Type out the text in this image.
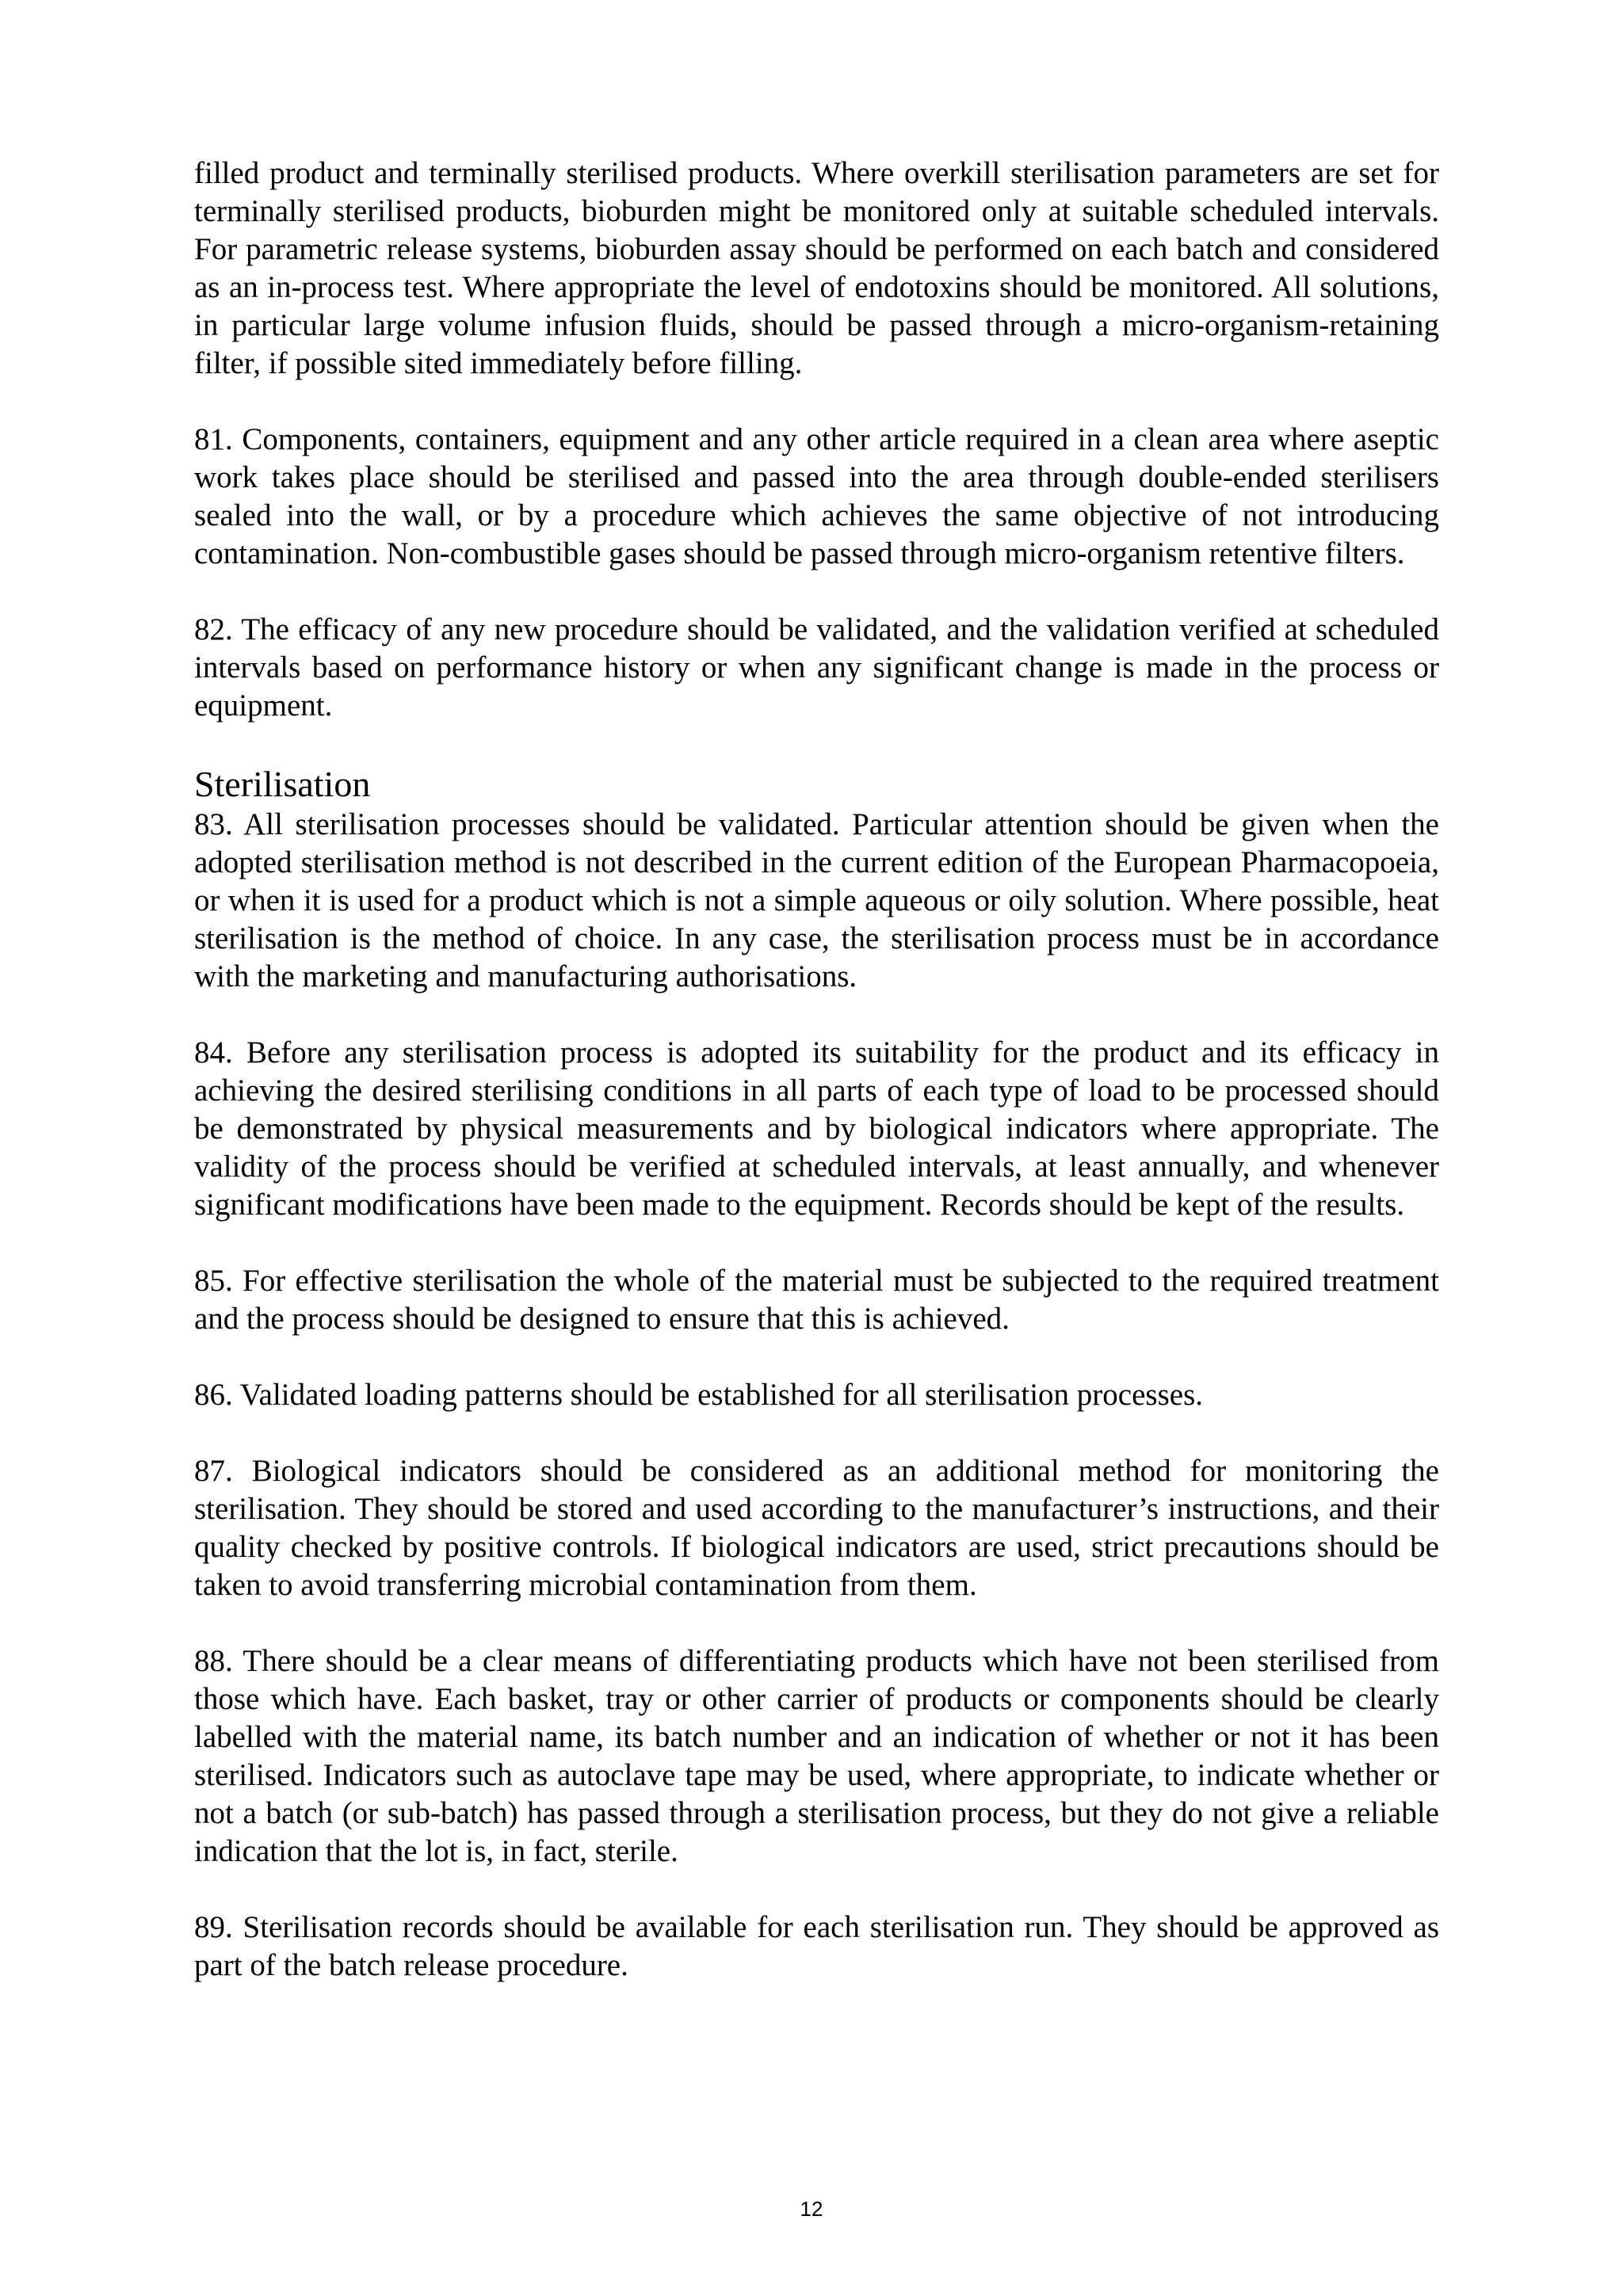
filled product and terminally sterilised products. Where overkill sterilisation parameters are set for terminally sterilised products, bioburden might be monitored only at suitable scheduled intervals. For parametric release systems, bioburden assay should be performed on each batch and considered as an in-process test. Where appropriate the level of endotoxins should be monitored. All solutions, in particular large volume infusion fluids, should be passed through a micro-organism-retaining filter, if possible sited immediately before filling.

81. Components, containers, equipment and any other article required in a clean area where aseptic work takes place should be sterilised and passed into the area through double-ended sterilisers sealed into the wall, or by a procedure which achieves the same objective of not introducing contamination. Non-combustible gases should be passed through micro-organism retentive filters.

82. The efficacy of any new procedure should be validated, and the validation verified at scheduled intervals based on performance history or when any significant change is made in the process or equipment.

Sterilisation

83. All sterilisation processes should be validated. Particular attention should be given when the adopted sterilisation method is not described in the current edition of the European Pharmacopoeia, or when it is used for a product which is not a simple aqueous or oily solution. Where possible, heat sterilisation is the method of choice. In any case, the sterilisation process must be in accordance with the marketing and manufacturing authorisations.

84. Before any sterilisation process is adopted its suitability for the product and its efficacy in achieving the desired sterilising conditions in all parts of each type of load to be processed should be demonstrated by physical measurements and by biological indicators where appropriate. The validity of the process should be verified at scheduled intervals, at least annually, and whenever significant modifications have been made to the equipment. Records should be kept of the results.

85. For effective sterilisation the whole of the material must be subjected to the required treatment and the process should be designed to ensure that this is achieved.

86. Validated loading patterns should be established for all sterilisation processes.

87. Biological indicators should be considered as an additional method for monitoring the sterilisation. They should be stored and used according to the manufacturer’s instructions, and their quality checked by positive controls. If biological indicators are used, strict precautions should be taken to avoid transferring microbial contamination from them.

88. There should be a clear means of differentiating products which have not been sterilised from those which have. Each basket, tray or other carrier of products or components should be clearly labelled with the material name, its batch number and an indication of whether or not it has been sterilised. Indicators such as autoclave tape may be used, where appropriate, to indicate whether or not a batch (or sub-batch) has passed through a sterilisation process, but they do not give a reliable indication that the lot is, in fact, sterile.

89. Sterilisation records should be available for each sterilisation run. They should be approved as part of the batch release procedure.

12
